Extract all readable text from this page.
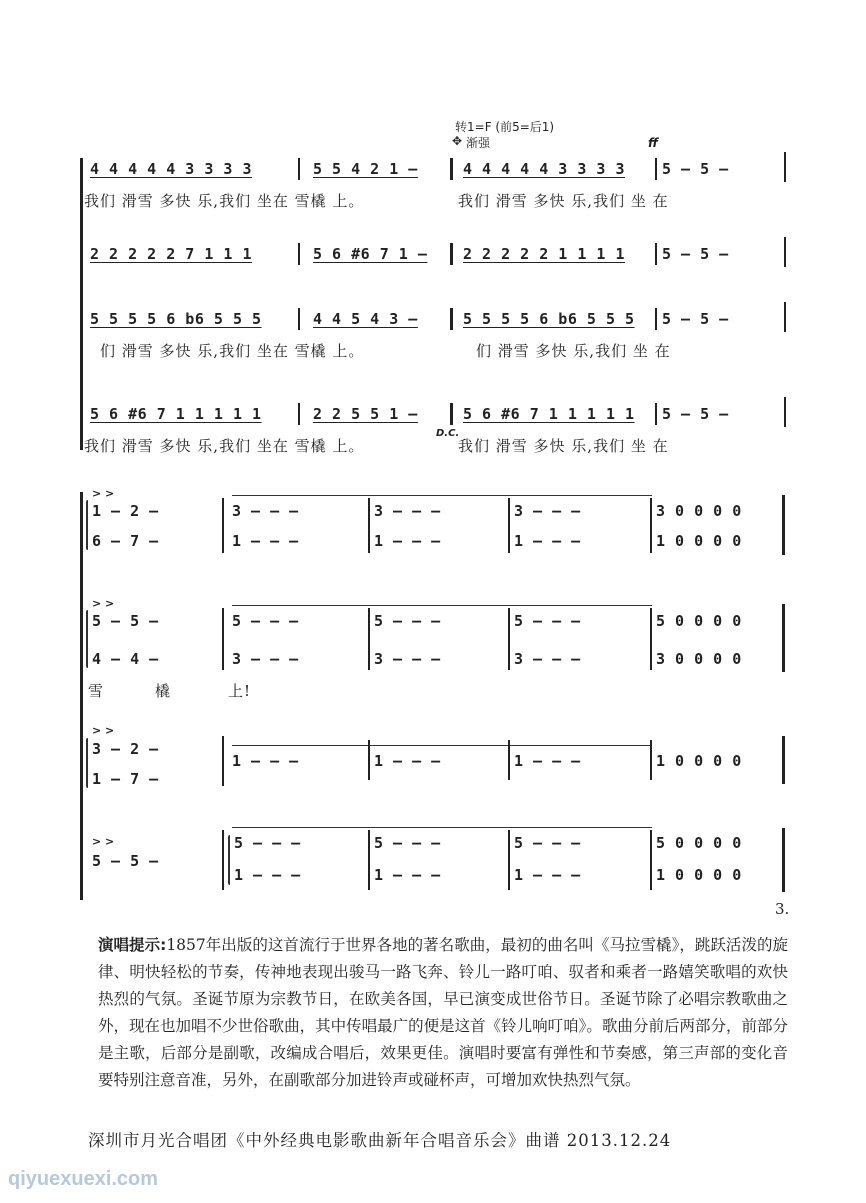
转1=F (前5=后1)
✥ 渐强	ff
4 4 4 4 4 3 3 3 3	5 5 4 2 1 –	4 4 4 4 4 3 3 3 3 5 – 5 –
我们 滑雪 多快 乐,我们 坐在 雪橇 上。	我们 滑雪 多快 乐,我们 坐 在
2 2 2 2 2 7 1 1 1	5 6 #6 7 1 – 2 2 2 2 2 1 1 1 1 5 – 5 –
5 5 5 5 6 b6 5 5 5	4 4 5 4 3 –	5 5 5 5 6 b6 5 5 5 5 – 5 –
们 滑雪 多快 乐,我们 坐在 雪橇 上。	们 滑雪 多快 乐,我们 坐 在
5 6 #6 7 1 1 1 1 1	2 2 5 5 1 –	5 6 #6 7 1 1 1 1 1 5 – 5 –
我们 滑雪 多快 乐,我们 坐在 雪橇 上。
D.C.
我们 滑雪 多快 乐,我们 坐 在
> >
1 – 2 –
6 – 7 –
3 – – –
1 – – –
3 – – –
1 – – –
3 – – –
1 – – –
3 0 0 0 0
1 0 0 0 0
> >
5 – 5 –
4 – 4 –
5 – – –
3 – – –
5 – – –
3 – – –
5 – – –
3 – – –
5 0 0 0 0
3 0 0 0 0
雪	橇	上!
> >
3 – 2 –
1 – 7 –
1 – – –	1 – – –	1 – – –	1 0 0 0 0
> >
5 – 5 –
5 – – –
1 – – –
5 – – –
1 – – –
5 – – –
1 – – –
5 0 0 0 0
1 0 0 0 0
3.
演唱提示:1857年出版的这首流行于世界各地的著名歌曲，最初的曲名叫《马拉雪橇》，跳跃活泼的旋律、明快轻松的节奏，传神地表现出骏马一路飞奔、铃儿一路叮咱、驭者和乘者一路嬉笑歌唱的欢快热烈的气氛。圣诞节原为宗教节日，在欧美各国，早已演变成世俗节日。圣诞节除了必唱宗教歌曲之外，现在也加唱不少世俗歌曲，其中传唱最广的便是这首《铃儿响叮咱》。歌曲分前后两部分，前部分是主歌，后部分是副歌，改编成合唱后，效果更佳。演唱时要富有弹性和节奏感，第三声部的变化音要特别注意音准，另外，在副歌部分加进铃声或碰杯声，可增加欢快热烈气氛。
深圳市月光合唱团《中外经典电影歌曲新年合唱音乐会》曲谱 2013.12.24
qiyuexuexi.com
